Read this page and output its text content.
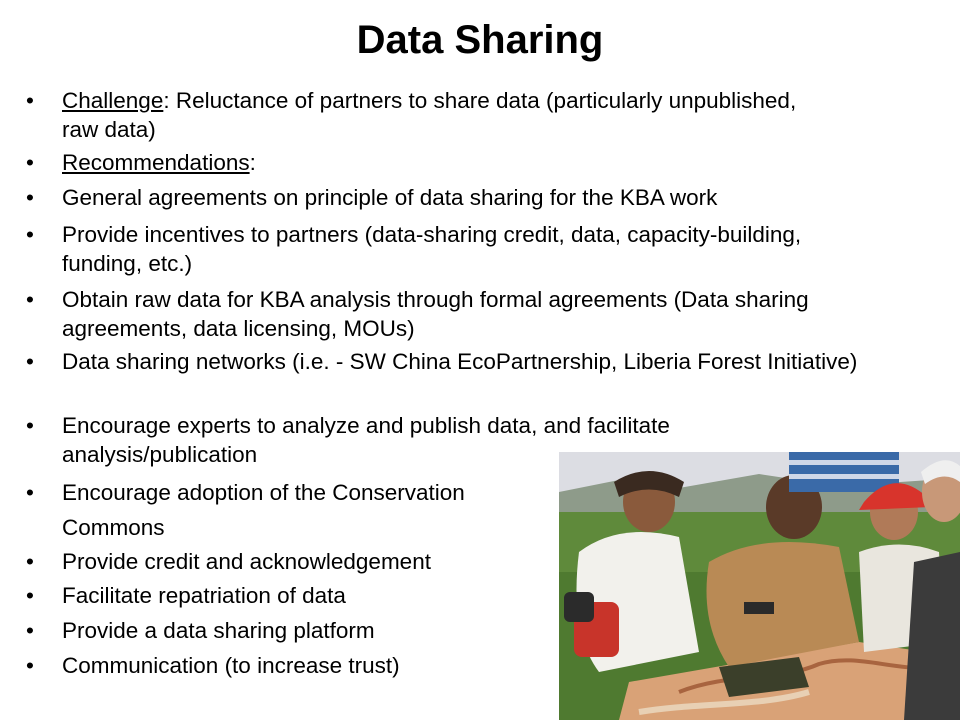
Data Sharing
• Challenge: Reluctance of partners to share data (particularly unpublished, raw data)
• Recommendations:
• General agreements on principle of data sharing for the KBA work
• Provide incentives to partners (data-sharing credit, data, capacity-building, funding, etc.)
• Obtain raw data for KBA analysis through formal agreements (Data sharing agreements, data licensing, MOUs)
• Data sharing networks (i.e. - SW China EcoPartnership, Liberia Forest Initiative)
• Encourage experts to analyze and publish data, and facilitate analysis/publication
• Encourage adoption of the Conservation Commons
• Provide credit and acknowledgement
• Facilitate repatriation of data
• Provide a data sharing platform
• Communication (to increase trust)
